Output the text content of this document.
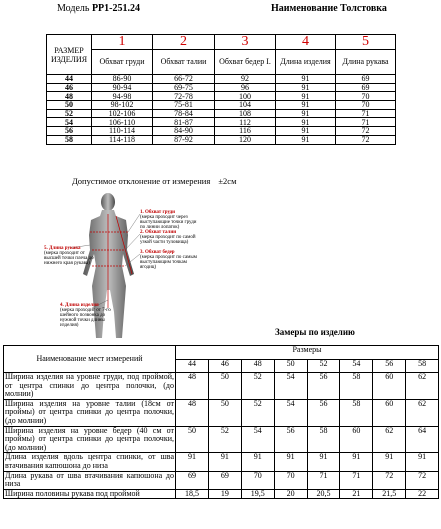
Модель PP1-251.24	Наименование Толстовка
РАЗМЕР ИЗДЕЛИЯ	1	2	3	4	5
	Обхват груди	Обхват талии	Обхват бедер I.	Длина изделия	Длина рукава
44	86-90	66-72	92	91	69
46	90-94	69-75	96	91	69
48	94-98	72-78	100	91	70
50	98-102	75-81	104	91	70
52	102-106	78-84	108	91	71
54	106-110	81-87	112	91	71
56	110-114	84-90	116	91	72
58	114-118	87-92	120	91	72
Допустимое отклонение от измерения ±2см
1. Обхват груди
(мерка проходит через выступающие точки груди по линии лопаток)
2. Обхват талии
(мерка проходит по самой узкой части туловища)
3. Обхват бедер
(мерка проходит по самым выступающим точкам ягодиц)
4. Длина изделия
(мерка проходит от 7-го шейного позвонка до нужной точки длины изделия)
5. Длина рукава
(мерка проходит от высшей точки плеча до нижнего края рукава)
Замеры по изделию
Наименование мест измерений	Размеры							
	44	46	48	50	52	54	56	58
Ширина изделия на уровне груди, под проймой, от центра спинки до центра полочки, (до молнии)	48	50	52	54	56	58	60	62
Ширина изделия на уровне талии (18см от проймы) от центра спинки до центра полочки, (до молнии)	48	50	52	54	56	58	60	62
Ширина изделия на уровне бедер (40 см от проймы) от центра спинки до центра полочки, (до молнии)	50	52	54	56	58	60	62	64
Длина изделия вдоль центра спинки, от шва втачивания капюшона до низа	91	91	91	91	91	91	91	91
Длина рукава от шва втачивания капюшона до низа	69	69	70	70	71	71	72	72
Ширина половины рукава под проймой	18,5	19	19,5	20	20,5	21	21,5	22
